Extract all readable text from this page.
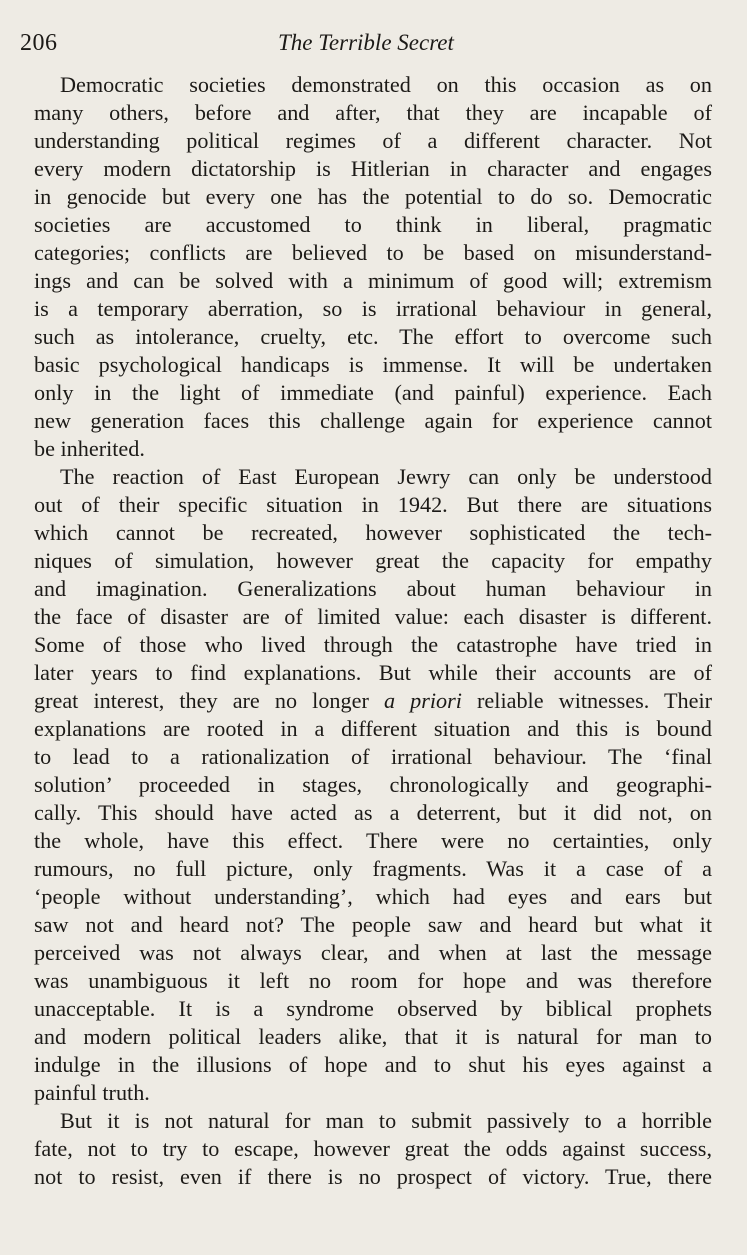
206	The Terrible Secret
Democratic societies demonstrated on this occasion as on
many others, before and after, that they are incapable of
understanding political regimes of a different character. Not
every modern dictatorship is Hitlerian in character and engages
in genocide but every one has the potential to do so. Democratic
societies are accustomed to think in liberal, pragmatic
categories; conflicts are believed to be based on misunderstand-
ings and can be solved with a minimum of good will; extremism
is a temporary aberration, so is irrational behaviour in general,
such as intolerance, cruelty, etc. The effort to overcome such
basic psychological handicaps is immense. It will be undertaken
only in the light of immediate (and painful) experience. Each
new generation faces this challenge again for experience cannot
be inherited.
The reaction of East European Jewry can only be understood
out of their specific situation in 1942. But there are situations
which cannot be recreated, however sophisticated the tech-
niques of simulation, however great the capacity for empathy
and imagination. Generalizations about human behaviour in
the face of disaster are of limited value: each disaster is different.
Some of those who lived through the catastrophe have tried in
later years to find explanations. But while their accounts are of
great interest, they are no longer a priori reliable witnesses. Their
explanations are rooted in a different situation and this is bound
to lead to a rationalization of irrational behaviour. The ‘final
solution’ proceeded in stages, chronologically and geographi-
cally. This should have acted as a deterrent, but it did not, on
the whole, have this effect. There were no certainties, only
rumours, no full picture, only fragments. Was it a case of a
‘people without understanding’, which had eyes and ears but
saw not and heard not? The people saw and heard but what it
perceived was not always clear, and when at last the message
was unambiguous it left no room for hope and was therefore
unacceptable. It is a syndrome observed by biblical prophets
and modern political leaders alike, that it is natural for man to
indulge in the illusions of hope and to shut his eyes against a
painful truth.
But it is not natural for man to submit passively to a horrible
fate, not to try to escape, however great the odds against success,
not to resist, even if there is no prospect of victory. True, there
